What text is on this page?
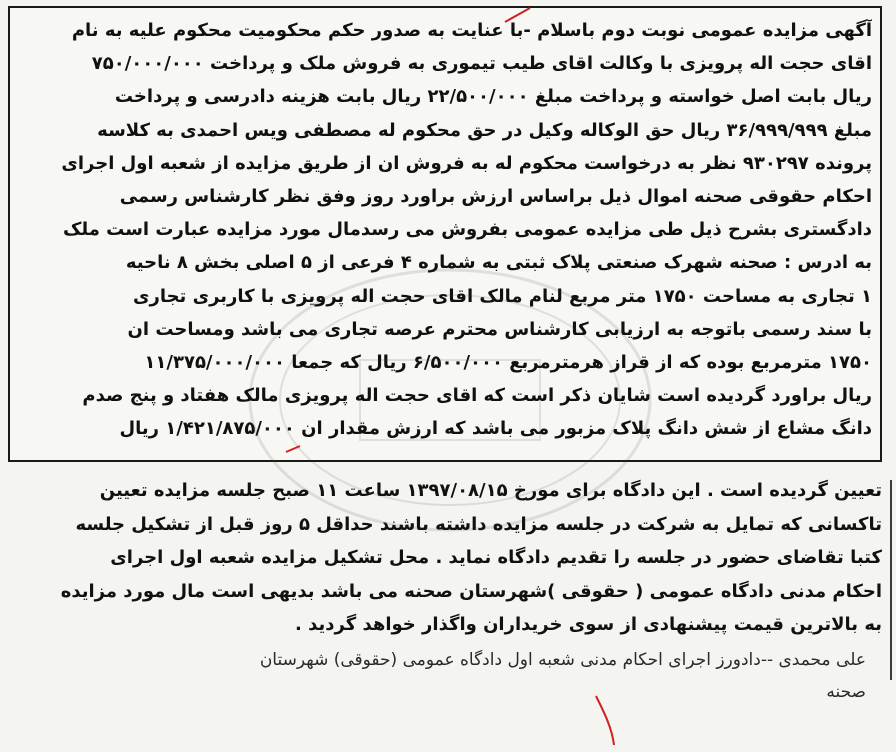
آگهی مزایده عمومی نوبت دوم باسلام -با عنایت به صدور حکم محکومیت محکوم علیه به نام
اقای حجت اله پرویزی با وکالت اقای طیب تیموری به فروش ملک و پرداخت ۷۵۰/۰۰۰/۰۰۰
ریال بابت اصل خواسته و پرداخت مبلغ ۲۲/۵۰۰/۰۰۰ ریال بابت هزینه دادرسی و پرداخت
مبلغ ۳۶/۹۹۹/۹۹۹ ریال حق الوکاله وکیل در حق محکوم له مصطفی ویس احمدی به کلاسه
پرونده ۹۳۰۲۹۷ نظر به درخواست محکوم له به فروش ان از طریق مزایده از شعبه اول اجرای
احکام حقوقی صحنه اموال ذیل براساس ارزش براورد روز وفق نظر کارشناس رسمی
دادگستری بشرح ذیل طی مزایده عمومی بفروش می رسدمال مورد مزایده عبارت است ملک
به ادرس : صحنه شهرک صنعتی پلاک ثبتی به شماره ۴ فرعی از ۵ اصلی بخش ۸ ناحیه
۱ تجاری به مساحت ۱۷۵۰ متر مربع لنام مالک اقای حجت اله پرویزی با کاربری تجاری
با سند رسمی باتوجه به ارزیابی کارشناس محترم عرصه تجاری می باشد ومساحت ان
۱۷۵۰ مترمربع بوده که از قراز هرمترمربع ۶/۵۰۰/۰۰۰ ریال که جمعا ۱۱/۳۷۵/۰۰۰/۰۰۰
ریال براورد گردیده است شایان ذکر است که اقای حجت اله پرویزی مالک هفتاد و پنج صدم
دانگ مشاع از شش دانگ پلاک مزبور می باشد که ارزش مقدار ان ۱/۴۲۱/۸۷۵/۰۰۰ ریال
تعیین گردیده است . این دادگاه برای مورخ ۱۳۹۷/۰۸/۱۵ ساعت ۱۱ صبح جلسه مزایده تعیین
تاکسانی که تمایل به شرکت در جلسه مزایده داشته باشند حداقل ۵ روز قبل از تشکیل جلسه
کتبا تقاضای حضور در جلسه را تقدیم دادگاه نماید . محل تشکیل مزایده شعبه اول اجرای
احکام مدنی دادگاه عمومی ( حقوقی )شهرستان صحنه می باشد بدیهی است مال مورد مزایده
به بالاترین قیمت پیشنهادی از سوی خریداران واگذار خواهد گردید .
علی محمدی --دادورز اجرای احکام مدنی شعبه اول دادگاه عمومی (حقوقی) شهرستان
صحنه
